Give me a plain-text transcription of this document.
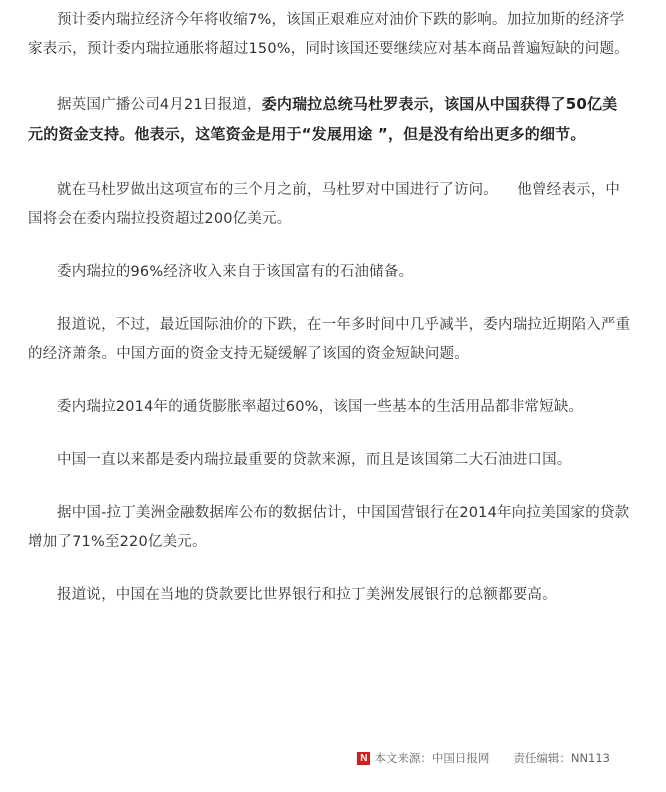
预计委内瑞拉经济今年将收缩7%，该国正艰难应对油价下跌的影响。加拉加斯的经济学家表示，预计委内瑞拉通胀将超过150%，同时该国还要继续应对基本商品普遍短缺的问题。

据英国广播公司4月21日报道，委内瑞拉总统马杜罗表示，该国从中国获得了50亿美元的资金支持。他表示，这笔资金是用于“发展用途 ”，但是没有给出更多的细节。

就在马杜罗做出这项宣布的三个月之前，马杜罗对中国进行了访问。    他曾经表示，中国将会在委内瑞拉投资超过200亿美元。

委内瑞拉的96%经济收入来自于该国富有的石油储备。

报道说，不过，最近国际油价的下跌，在一年多时间中几乎减半，委内瑞拉近期陷入严重的经济萧条。中国方面的资金支持无疑缓解了该国的资金短缺问题。

委内瑞拉2014年的通货膨胀率超过60%，该国一些基本的生活用品都非常短缺。

中国一直以来都是委内瑞拉最重要的贷款来源，而且是该国第二大石油进口国。

据中国-拉丁美洲金融数据库公布的数据估计，中国国营银行在2014年向拉美国家的贷款增加了71%至220亿美元。

报道说，中国在当地的贷款要比世界银行和拉丁美洲发展银行的总额都要高。

N 本文来源：中国日报网 责任编辑：NN113
